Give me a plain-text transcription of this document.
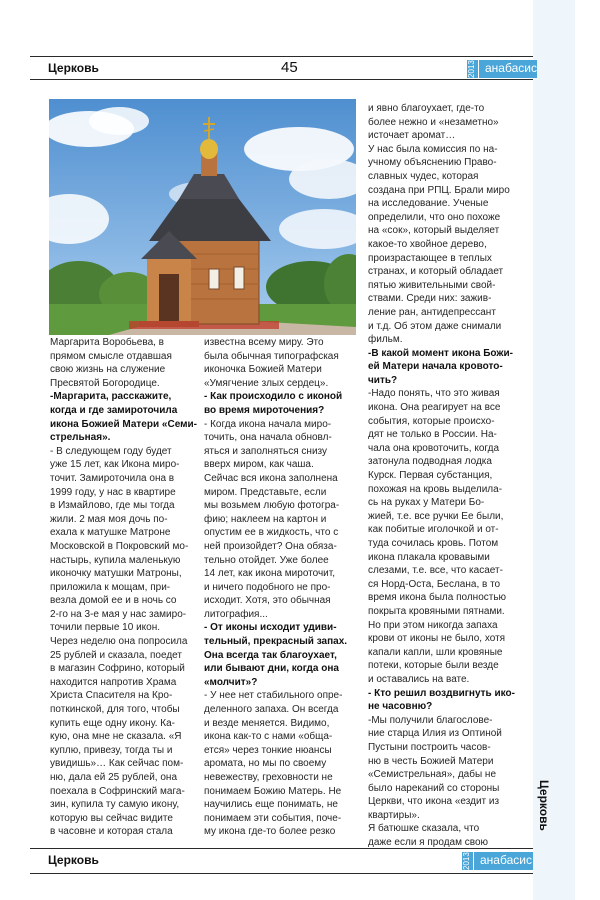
Церковь	45	2013 анабасис
Маргарита Воробьева, в
прямом смысле отдавшая
свою жизнь на служение
Пресвятой Богородице.
-Маргарита, расскажите,
когда и где замироточила
икона Божией Матери «Семи-
стрельная».
- В следующем году будет
уже 15 лет, как Икона миро-
точит. Замироточила она в
1999 году, у нас в квартире
в Измайлово, где мы тогда
жили. 2 мая моя дочь по-
ехала к матушке Матроне
Московской в Покровский мо-
настырь, купила маленькую
иконочку матушки Матроны,
приложила к мощам, при-
везла домой ее и в ночь со
2-го на 3-е мая у нас замиро-
точили первые 10 икон.
Через неделю она попросила
25 рублей и сказала, поедет
в магазин Софрино, который
находится напротив Храма
Христа Спасителя на Кро-
поткинской, для того, чтобы
купить еще одну икону. Ка-
кую, она мне не сказала. «Я
куплю, привезу, тогда ты и
увидишь»… Как сейчас пом-
ню, дала ей 25 рублей, она
поехала в Софринский мага-
зин, купила ту самую икону,
которую вы сейчас видите
в часовне и которая стала
известна всему миру. Это
была обычная типографская
иконочка Божией Матери
«Умягчение злых сердец».
- Как происходило с иконой
во время мироточения?
- Когда икона начала миро-
точить, она начала обновл-
яться и заполняться снизу
вверх миром, как чаша.
Сейчас вся икона заполнена
миром. Представьте, если
мы возьмем любую фотогра-
фию; наклеем на картон и
опустим ее в жидкость, что с
ней произойдет? Она обяза-
тельно отойдет. Уже более
14 лет, как икона мироточит,
и ничего подобного не про-
исходит. Хотя, это обычная
литография...
- От иконы исходит удиви-
тельный, прекрасный запах.
Она всегда так благоухает,
или бывают дни, когда она
«молчит»?
- У нее нет стабильного опре-
деленного запаха. Он всегда
и везде меняется. Видимо,
икона как-то с нами «обща-
ется» через тонкие нюансы
аромата, но мы по своему
невежеству, греховности не
понимаем Божию Матерь. Не
научились еще понимать, не
понимаем эти события, поче-
му икона где-то более резко
и явно благоухает, где-то
более нежно и «незаметно»
источает аромат…
У нас была комиссия по на-
учному объяснению Право-
славных чудес, которая
создана при РПЦ. Брали миро
на исследование. Ученые
определили, что оно похоже
на «сок», который выделяет
какое-то хвойное дерево,
произрастающее в теплых
странах, и который обладает
пятью живительными свой-
ствами. Среди них: зажив-
ление ран, антидепрессант
и т.д. Об этом даже снимали
фильм.
-В какой момент икона Божи-
ей Матери начала кровото-
чить?
-Надо понять, что это живая
икона. Она реагирует на все
события, которые происхо-
дят не только в России. На-
чала она кровоточить, когда
затонула подводная лодка
Курск. Первая субстанция,
похожая на кровь выделила-
сь на руках у Матери Бо-
жией, т.е. все ручки Ее были,
как побитые иголочкой и от-
туда сочилась кровь. Потом
икона плакала кровавыми
слезами, т.е. все, что касает-
ся Норд-Оста, Беслана, в то
время икона была полностью
покрыта кровяными пятнами.
Но при этом никогда запаха
крови от иконы не было, хотя
капали капли, шли кровяные
потеки, которые были везде
и оставались на вате.
- Кто решил воздвигнуть ико-
не часовню?
-Мы получили благослове-
ние старца Илия из Оптиной
Пустыни построить часов-
ню в честь Божией Матери
«Семистрельная», дабы не
было нареканий со стороны
Церкви, что икона «ездит из
квартиры».
Я батюшке сказала, что
даже если я продам свою
Церковь
Церковь	2013 анабасис
